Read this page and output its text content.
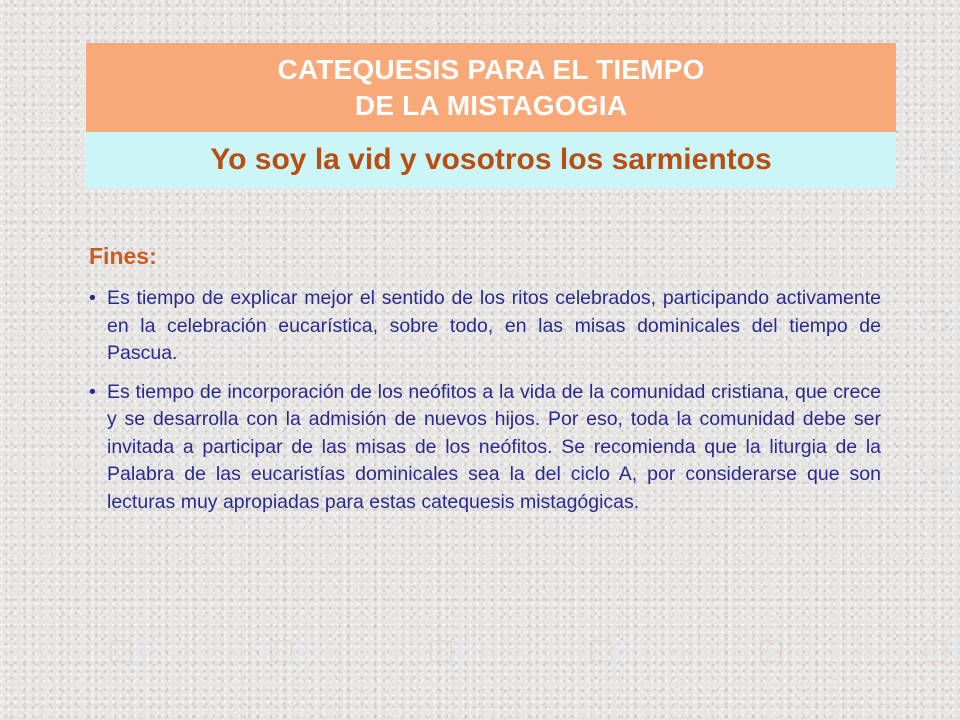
CATEQUESIS PARA EL TIEMPO
DE LA MISTAGOGIA
Yo soy la vid y vosotros los sarmientos
Fines:
• Es tiempo de explicar mejor el sentido de los ritos celebrados, participando activamente en la celebración eucarística, sobre todo, en las misas dominicales del tiempo de Pascua.
• Es tiempo de incorporación de los neófitos a la vida de la comunidad cristiana, que crece y se desarrolla con la admisión de nuevos hijos. Por eso, toda la comunidad debe ser invitada a participar de las misas de los neófitos. Se recomienda que la liturgia de la Palabra de las eucaristías dominicales sea la del ciclo A, por considerarse que son lecturas muy apropiadas para estas catequesis mistagógicas.
